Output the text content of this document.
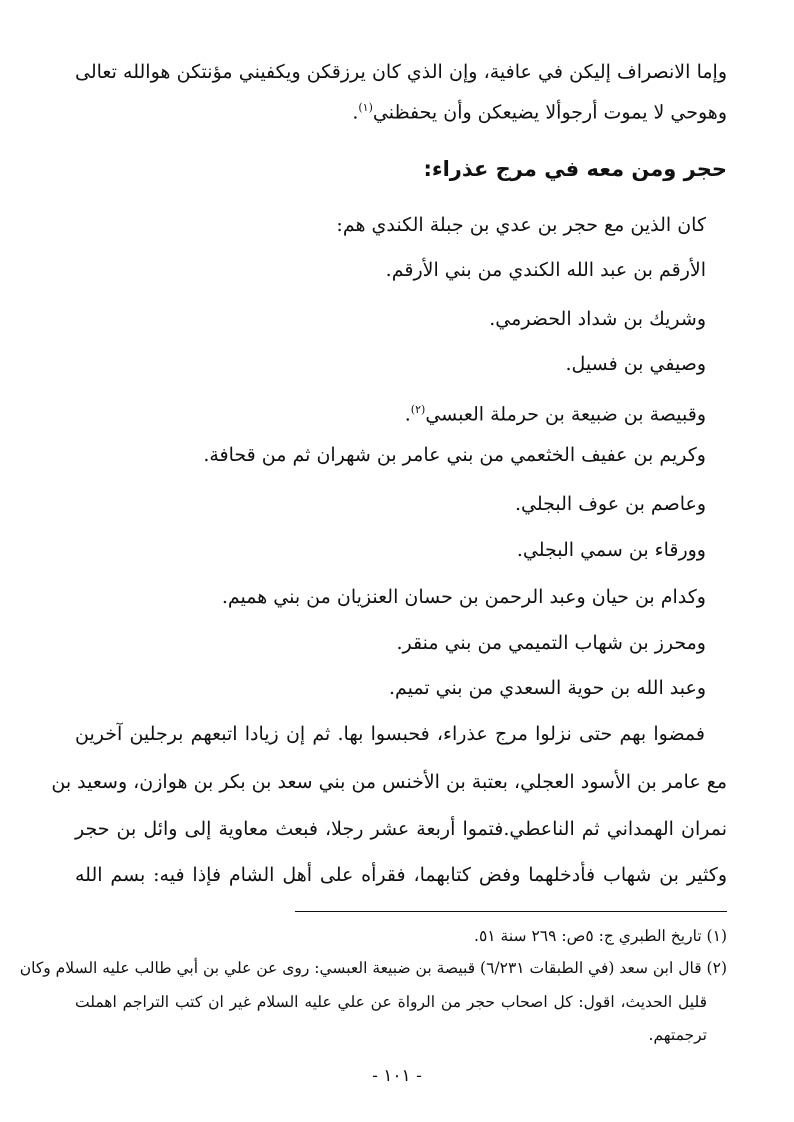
وإما الانصراف إليكن في عافية، وإن الذي كان يرزقكن ويكفيني مؤنتكن هوالله تعالى
وهوحي لا يموت أرجوألا يضيعكن وأن يحفظني$^{(١)}$.
حجر ومن معه في مرج عذراء:
كان الذين مع حجر بن عدي بن جبلة الكندي هم:
الأرقم بن عبد الله الكندي من بني الأرقم.
وشريك بن شداد الحضرمي.
وصيفي بن فسيل.
وقبيصة بن ضبيعة بن حرملة العبسي$^{(٢)}$.
وكريم بن عفيف الخثعمي من بني عامر بن شهران ثم من قحافة.
وعاصم بن عوف البجلي.
وورقاء بن سمي البجلي.
وكدام بن حيان وعبد الرحمن بن حسان العنزيان من بني هميم.
ومحرز بن شهاب التميمي من بني منقر.
وعبد الله بن حوية السعدي من بني تميم.
فمضوا بهم حتى نزلوا مرج عذراء، فحبسوا بها. ثم إن زيادا اتبعهم برجلين آخرين
مع عامر بن الأسود العجلي، بعتبة بن الأخنس من بني سعد بن بكر بن هوازن، وسعيد بن
نمران الهمداني ثم الناعطي.فتموا أربعة عشر رجلا، فبعث معاوية إلى وائل بن حجر
وكثير بن شهاب فأدخلهما وفض كتابهما، فقرأه على أهل الشام فإذا فيه: بسم الله
(١) تاريخ الطبري ج: ٥ص: ٢٦٩ سنة ٥١.
(٢) قال ابن سعد (في الطبقات ٦/٢٣١) قبيصة بن ضبيعة العبسي: روى عن علي بن أبي طالب عليه السلام وكان
قليل الحديث، اقول: كل اصحاب حجر من الرواة عن علي عليه السلام غير ان كتب التراجم اهملت
ترجمتهم.
- ١٠١ -
